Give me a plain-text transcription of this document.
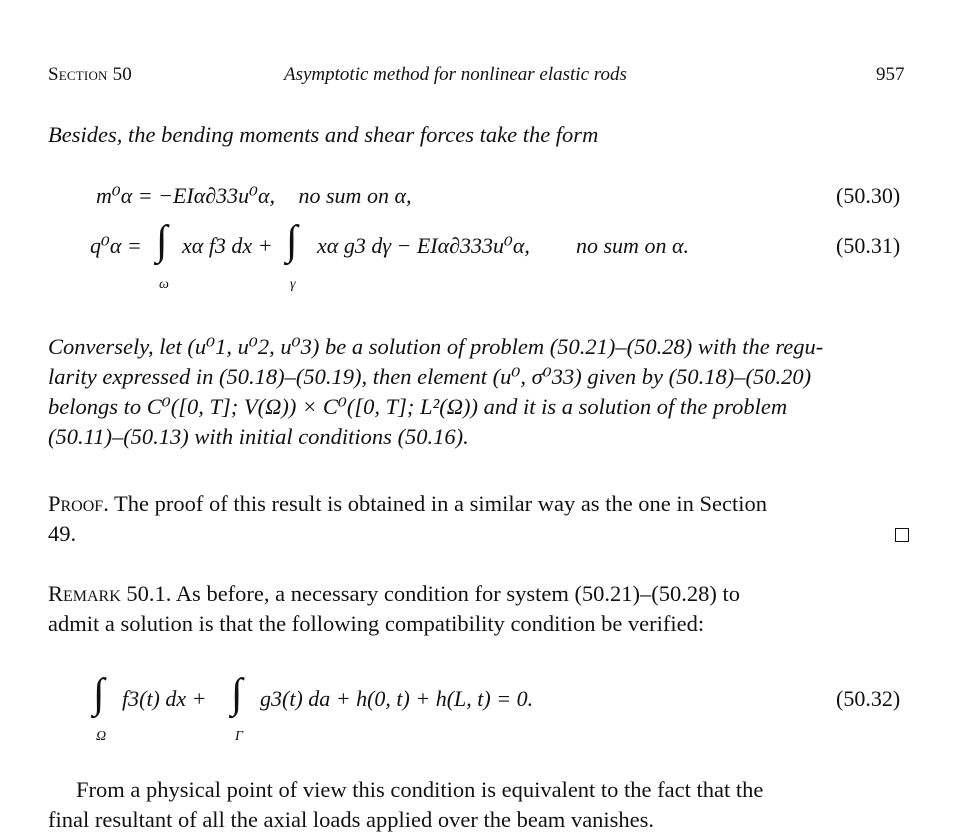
Section 50	Asymptotic method for nonlinear elastic rods	957
Besides, the bending moments and shear forces take the form
m⁰α = −EIα∂33u⁰α, no sum on α,	(50.30)
q⁰α = ∫
ω
xα f3 dx + ∫
γ
xα g3 dγ − EIα∂333u⁰α, no sum on α.	(50.31)
Conversely, let (u⁰1, u⁰2, u⁰3) be a solution of problem (50.21)–(50.28) with the regu-
larity expressed in (50.18)–(50.19), then element (u⁰, σ⁰33) given by (50.18)–(50.20)
belongs to C⁰([0, T]; V(Ω)) × C⁰([0, T]; L²(Ω)) and it is a solution of the problem
(50.11)–(50.13) with initial conditions (50.16).
Proof. The proof of this result is obtained in a similar way as the one in Section
49.
Remark 50.1. As before, a necessary condition for system (50.21)–(50.28) to
admit a solution is that the following compatibility condition be verified:
∫
Ω
f3(t) dx + ∫
Γ
g3(t) da + h(0, t) + h(L, t) = 0.	(50.32)
From a physical point of view this condition is equivalent to the fact that the
final resultant of all the axial loads applied over the beam vanishes.
